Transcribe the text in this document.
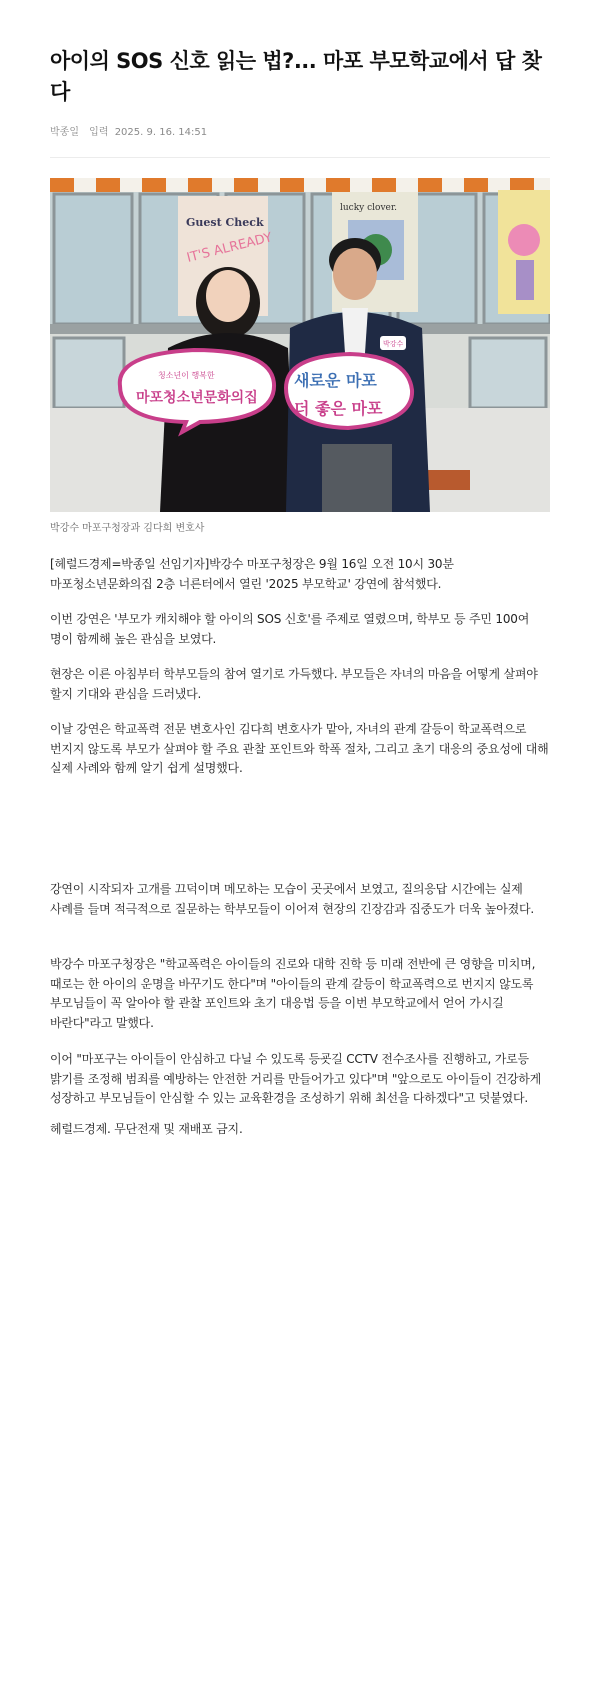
아이의 SOS 신호 읽는 법?... 마포 부모학교에서 답 찾다
박종일 입력 2025. 9. 16. 14:51
Guest Check
IT'S ALREADY
lucky clover.
청소년이 행복한
마포청소년문화의집
새로운 마포
더 좋은 마포
박강수
박강수 마포구청장과 김다희 변호사

[헤럴드경제=박종일 선임기자]박강수 마포구청장은 9월 16일 오전 10시 30분 마포청소년문화의집 2층 너른터에서 열린 '2025 부모학교' 강연에 참석했다.

이번 강연은 '부모가 캐치해야 할 아이의 SOS 신호'를 주제로 열렸으며, 학부모 등 주민 100여 명이 함께해 높은 관심을 보였다.

현장은 이른 아침부터 학부모들의 참여 열기로 가득했다. 부모들은 자녀의 마음을 어떻게 살펴야 할지 기대와 관심을 드러냈다.

이날 강연은 학교폭력 전문 변호사인 김다희 변호사가 맡아, 자녀의 관계 갈등이 학교폭력으로 번지지 않도록 부모가 살펴야 할 주요 관찰 포인트와 학폭 절차, 그리고 초기 대응의 중요성에 대해 실제 사례와 함께 알기 쉽게 설명했다.

강연이 시작되자 고개를 끄덕이며 메모하는 모습이 곳곳에서 보였고, 질의응답 시간에는 실제 사례를 들며 적극적으로 질문하는 학부모들이 이어져 현장의 긴장감과 집중도가 더욱 높아졌다.

박강수 마포구청장은 "학교폭력은 아이들의 진로와 대학 진학 등 미래 전반에 큰 영향을 미치며, 때로는 한 아이의 운명을 바꾸기도 한다"며 "아이들의 관계 갈등이 학교폭력으로 번지지 않도록 부모님들이 꼭 알아야 할 관찰 포인트와 초기 대응법 등을 이번 부모학교에서 얻어 가시길 바란다"라고 말했다.

이어 "마포구는 아이들이 안심하고 다닐 수 있도록 등굣길 CCTV 전수조사를 진행하고, 가로등 밝기를 조정해 범죄를 예방하는 안전한 거리를 만들어가고 있다"며 "앞으로도 아이들이 건강하게 성장하고 부모님들이 안심할 수 있는 교육환경을 조성하기 위해 최선을 다하겠다"고 덧붙였다.

헤럴드경제. 무단전재 및 재배포 금지.
